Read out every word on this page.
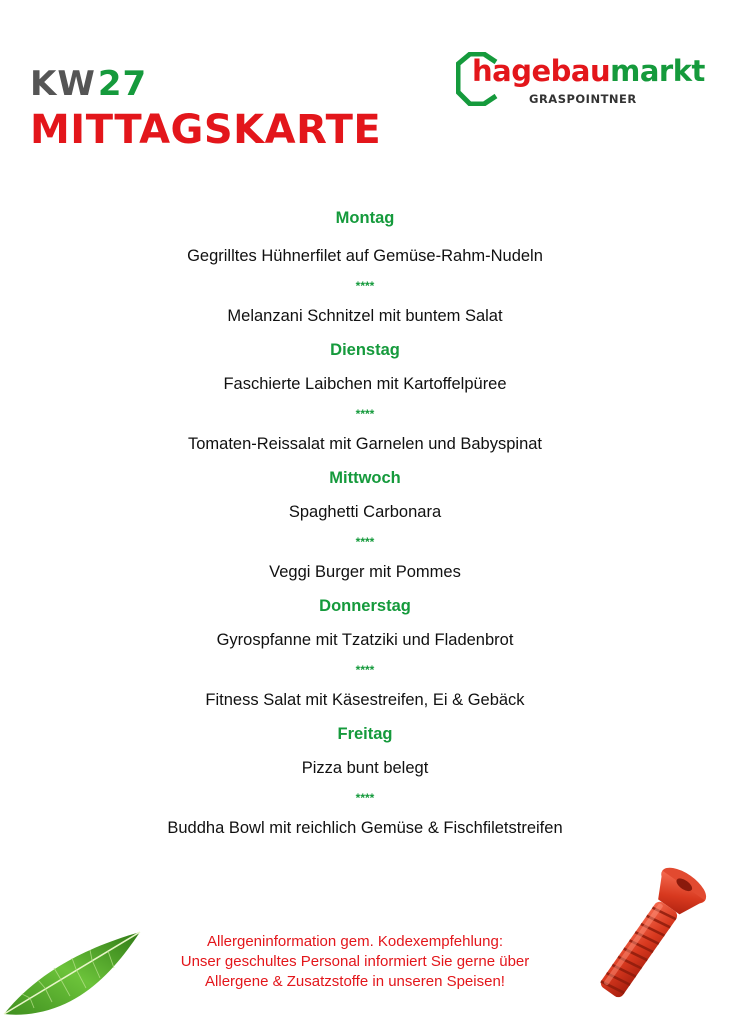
KW27
MITTAGSKARTE
hagebaumarkt
GRASPOINTNER
Montag
Gegrilltes Hühnerfilet auf Gemüse-Rahm-Nudeln
****
Melanzani Schnitzel mit buntem Salat
Dienstag
Faschierte Laibchen mit Kartoffelpüree
****
Tomaten-Reissalat mit Garnelen und Babyspinat
Mittwoch
Spaghetti Carbonara
****
Veggi Burger mit Pommes
Donnerstag
Gyrospfanne mit Tzatziki und Fladenbrot
****
Fitness Salat mit Käsestreifen, Ei & Gebäck
Freitag
Pizza bunt belegt
****
Buddha Bowl mit reichlich Gemüse & Fischfiletstreifen
Allergeninformation gem. Kodexempfehlung:
Unser geschultes Personal informiert Sie gerne über
Allergene & Zusatzstoffe in unseren Speisen!
